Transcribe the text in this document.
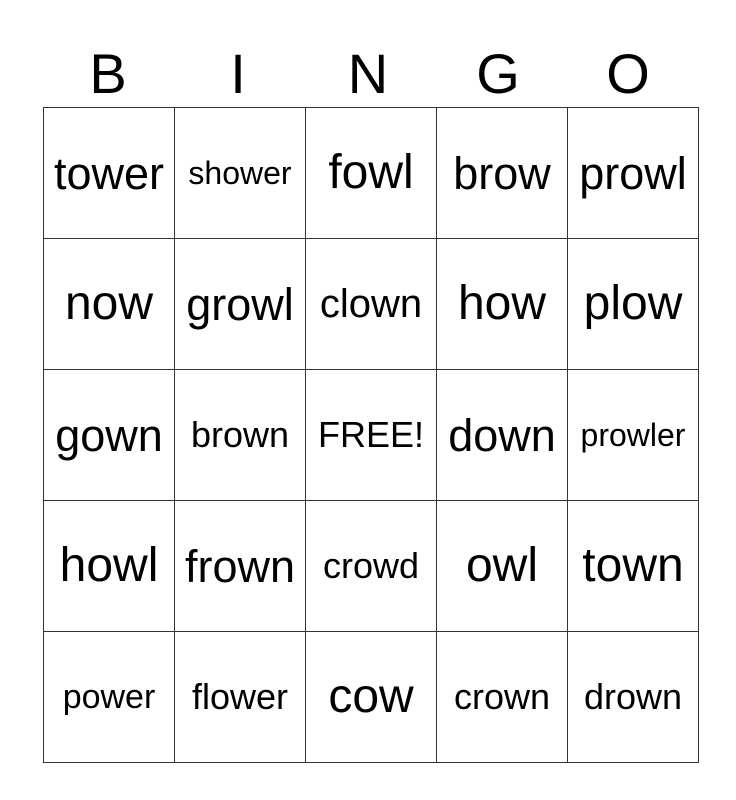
B	I	N	G	O
tower	shower	fowl	brow	prowl
now	growl	clown	how	plow
gown	brown	FREE!	down	prowler
howl	frown	crowd	owl	town
power	flower	cow	crown	drown
